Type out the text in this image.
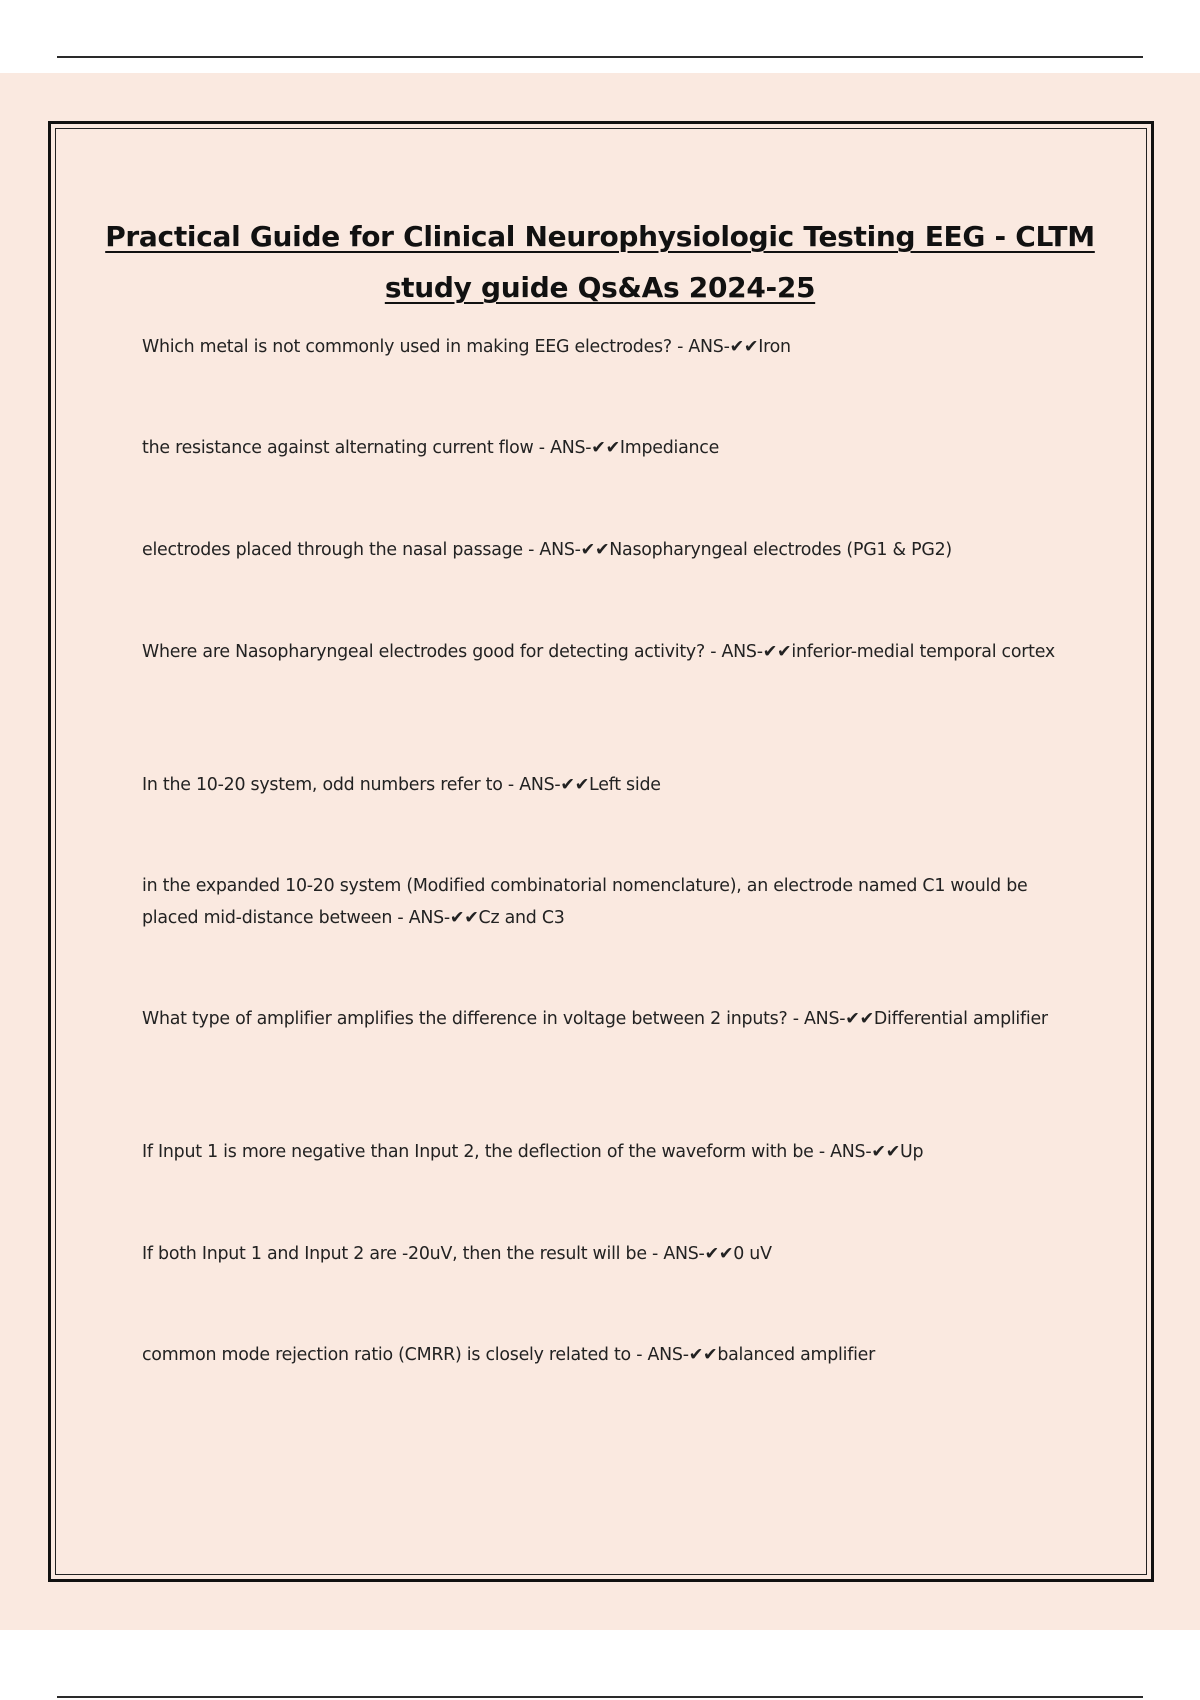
Practical Guide for Clinical Neurophysiologic Testing EEG - CLTM study guide Qs&As 2024-25

Which metal is not commonly used in making EEG electrodes? - ANS-✔✔Iron

the resistance against alternating current flow - ANS-✔✔Impediance

electrodes placed through the nasal passage - ANS-✔✔Nasopharyngeal electrodes (PG1 & PG2)

Where are Nasopharyngeal electrodes good for detecting activity? - ANS-✔✔inferior-medial temporal cortex

In the 10-20 system, odd numbers refer to - ANS-✔✔Left side

in the expanded 10-20 system (Modified combinatorial nomenclature), an electrode named C1 would be placed mid-distance between - ANS-✔✔Cz and C3

What type of amplifier amplifies the difference in voltage between 2 inputs? - ANS-✔✔Differential amplifier

If Input 1 is more negative than Input 2, the deflection of the waveform with be - ANS-✔✔Up

If both Input 1 and Input 2 are -20uV, then the result will be - ANS-✔✔0 uV

common mode rejection ratio (CMRR) is closely related to - ANS-✔✔balanced amplifier
